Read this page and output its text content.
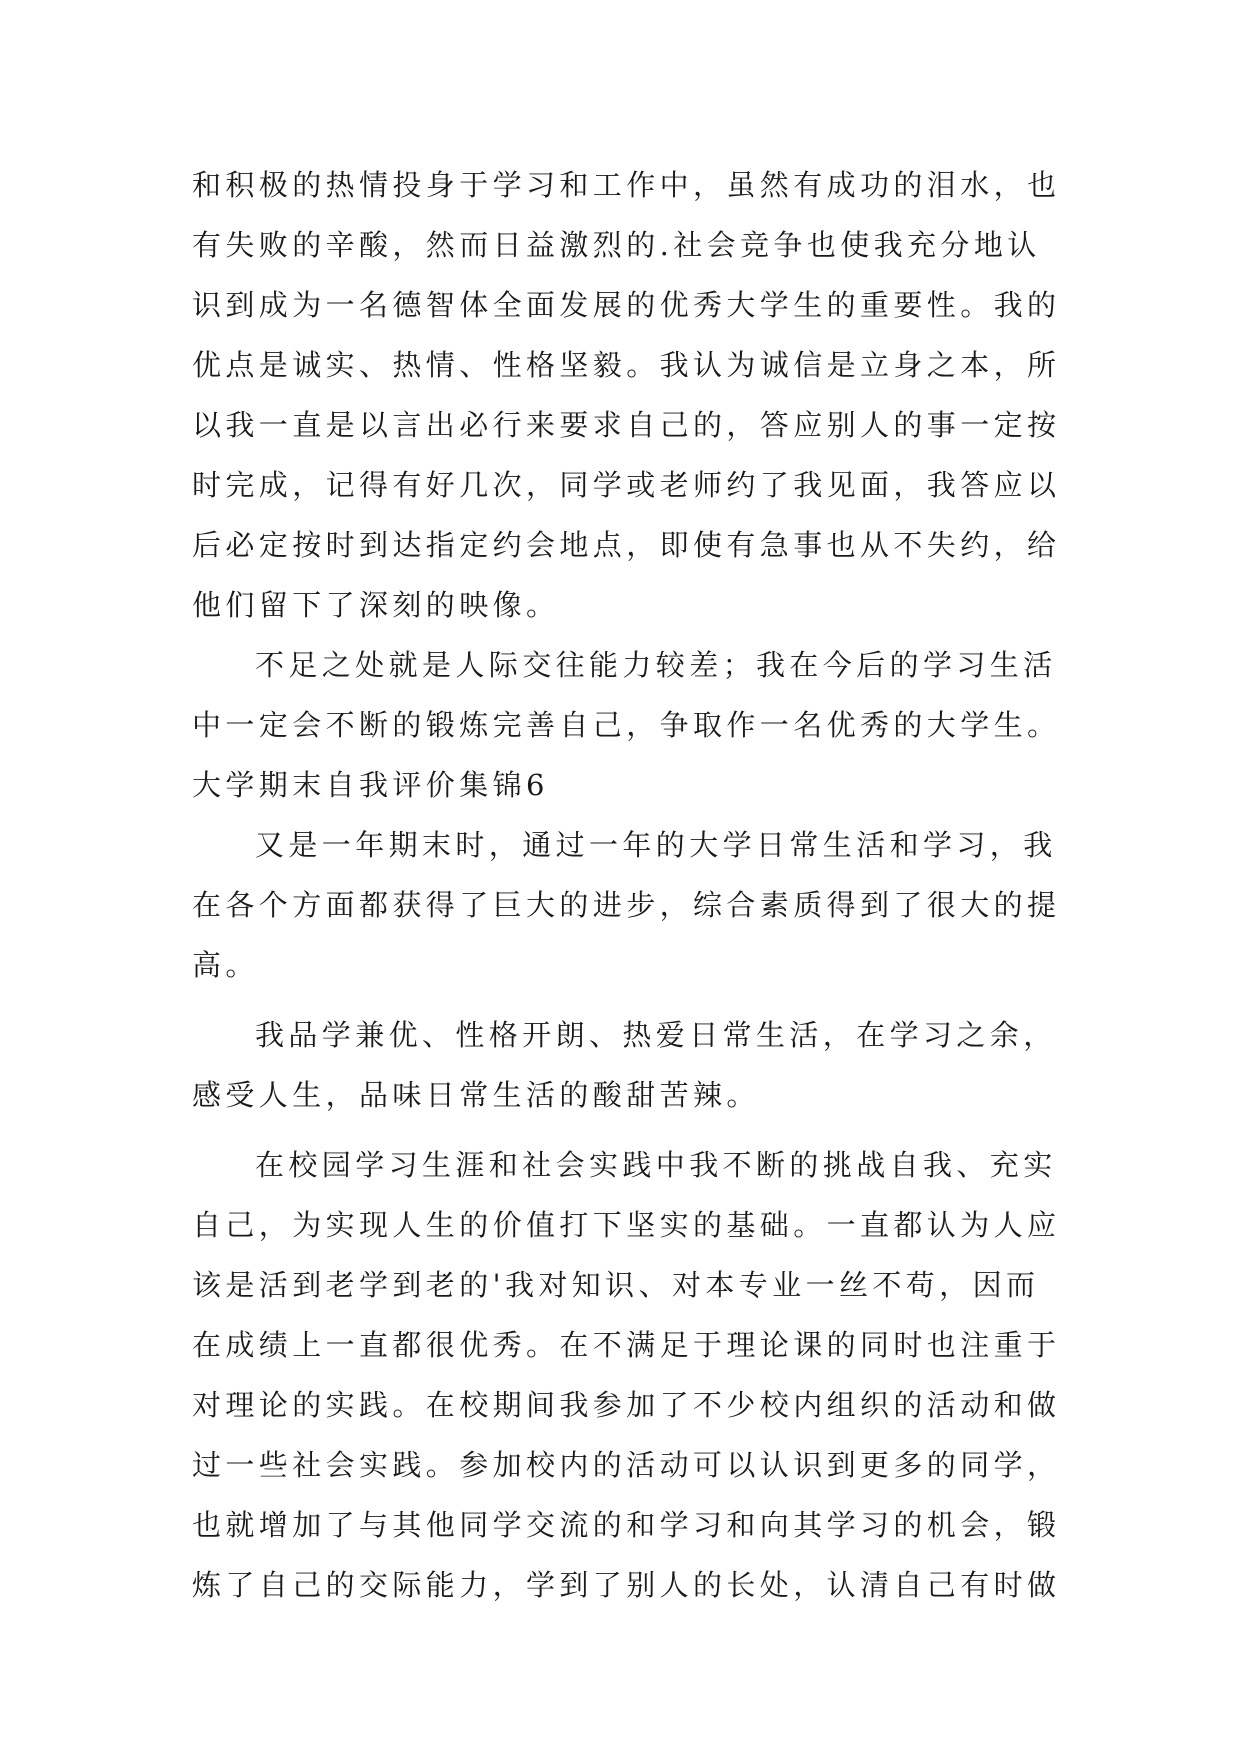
和积极的热情投身于学习和工作中，虽然有成功的泪水，也
有失败的辛酸，然而日益激烈的.社会竞争也使我充分地认
识到成为一名德智体全面发展的优秀大学生的重要性。我的
优点是诚实、热情、性格坚毅。我认为诚信是立身之本，所
以我一直是以言出必行来要求自己的，答应别人的事一定按
时完成，记得有好几次，同学或老师约了我见面，我答应以
后必定按时到达指定约会地点，即使有急事也从不失约，给
他们留下了深刻的映像。
不足之处就是人际交往能力较差；我在今后的学习生活
中一定会不断的锻炼完善自己，争取作一名优秀的大学生。
大学期末自我评价集锦6
又是一年期末时，通过一年的大学日常生活和学习，我
在各个方面都获得了巨大的进步，综合素质得到了很大的提
高。
我品学兼优、性格开朗、热爱日常生活，在学习之余，
感受人生，品味日常生活的酸甜苦辣。
在校园学习生涯和社会实践中我不断的挑战自我、充实
自己，为实现人生的价值打下坚实的基础。一直都认为人应
该是活到老学到老的'我对知识、对本专业一丝不苟，因而
在成绩上一直都很优秀。在不满足于理论课的同时也注重于
对理论的实践。在校期间我参加了不少校内组织的活动和做
过一些社会实践。参加校内的活动可以认识到更多的同学，
也就增加了与其他同学交流的和学习和向其学习的机会，锻
炼了自己的交际能力，学到了别人的长处，认清自己有时做
